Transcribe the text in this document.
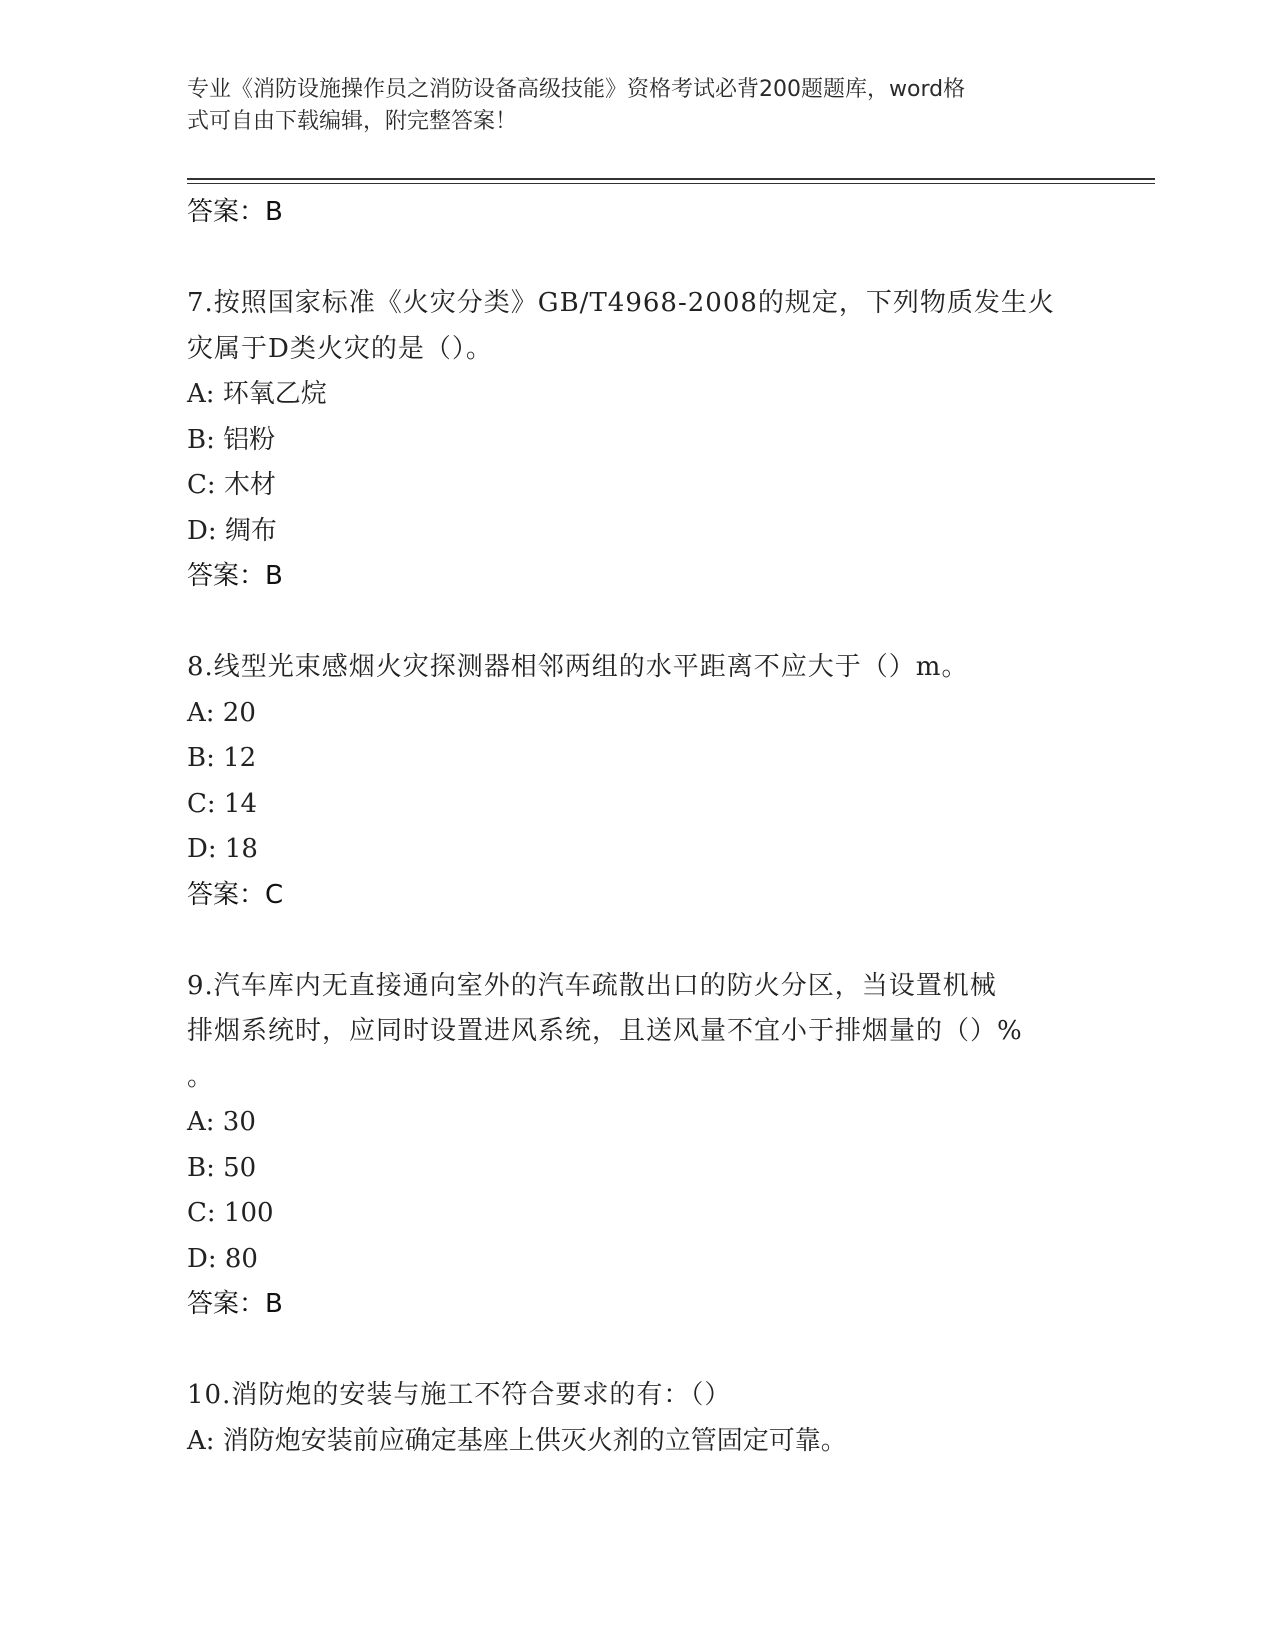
专业《消防设施操作员之消防设备高级技能》资格考试必背200题题库，word格
式可自由下载编辑，附完整答案！
答案：B
7.按照国家标准《火灾分类》GB/T4968-2008的规定，下列物质发生火
灾属于D类火灾的是（）。
A: 环氧乙烷
B: 铝粉
C: 木材
D: 绸布
答案：B
8.线型光束感烟火灾探测器相邻两组的水平距离不应大于（）m。
A: 20
B: 12
C: 14
D: 18
答案：C
9.汽车库内无直接通向室外的汽车疏散出口的防火分区，当设置机械
排烟系统时，应同时设置进风系统，且送风量不宜小于排烟量的（）%
。
A: 30
B: 50
C: 100
D: 80
答案：B
10.消防炮的安装与施工不符合要求的有：（）
A: 消防炮安装前应确定基座上供灭火剂的立管固定可靠。
